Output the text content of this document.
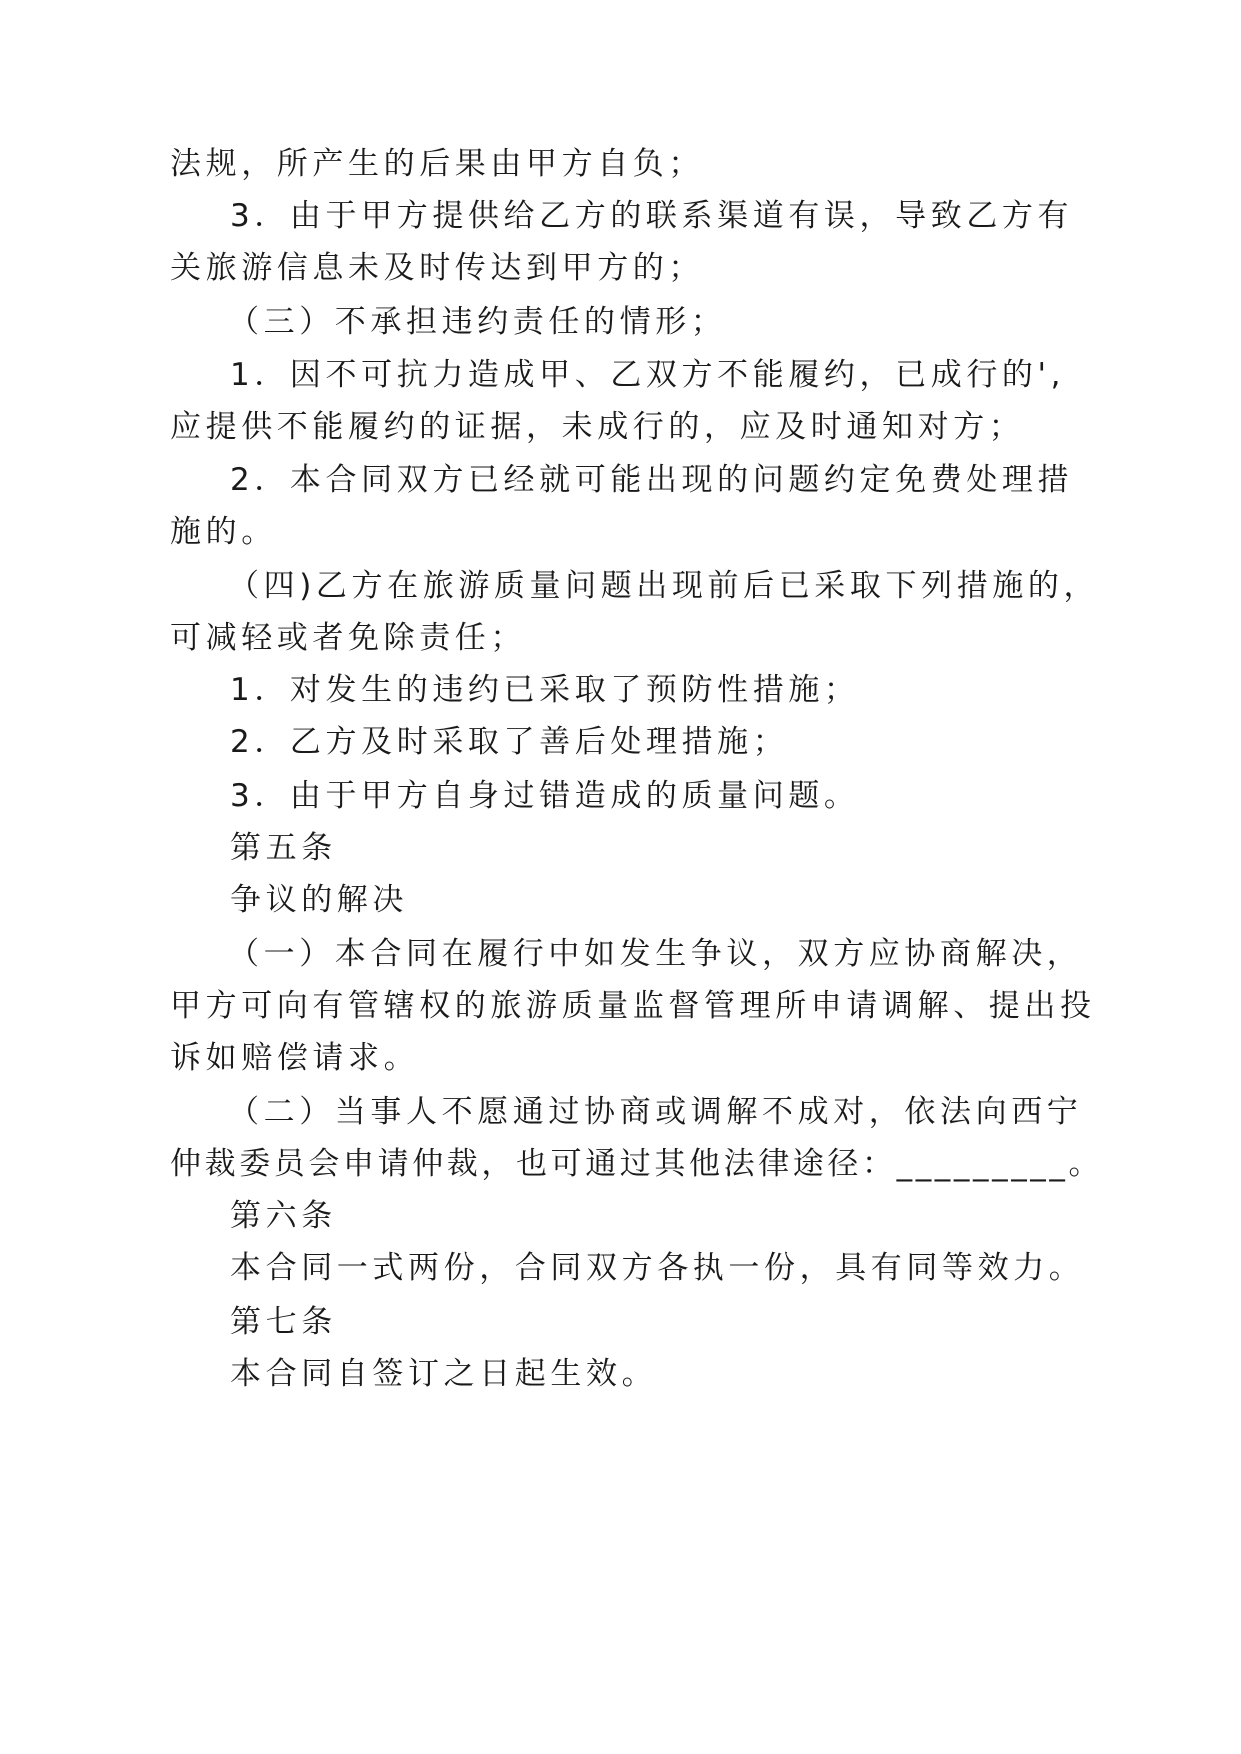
法规，所产生的后果由甲方自负；
3．由于甲方提供给乙方的联系渠道有误，导致乙方有
关旅游信息未及时传达到甲方的；
（三）不承担违约责任的情形；
1．因不可抗力造成甲、乙双方不能履约，已成行的',
应提供不能履约的证据，未成行的，应及时通知对方；
2．本合同双方已经就可能出现的问题约定免费处理措
施的。
（四)乙方在旅游质量问题出现前后已采取下列措施的，
可减轻或者免除责任；
1．对发生的违约已采取了预防性措施；
2．乙方及时采取了善后处理措施；
3．由于甲方自身过错造成的质量问题。
第五条
争议的解决
（一）本合同在履行中如发生争议，双方应协商解决，
甲方可向有管辖权的旅游质量监督管理所申请调解、提出投
诉如赔偿请求。
（二）当事人不愿通过协商或调解不成对，依法向西宁
仲裁委员会申请仲裁，也可通过其他法律途径：_________。
第六条
本合同一式两份，合同双方各执一份，具有同等效力。
第七条
本合同自签订之日起生效。
